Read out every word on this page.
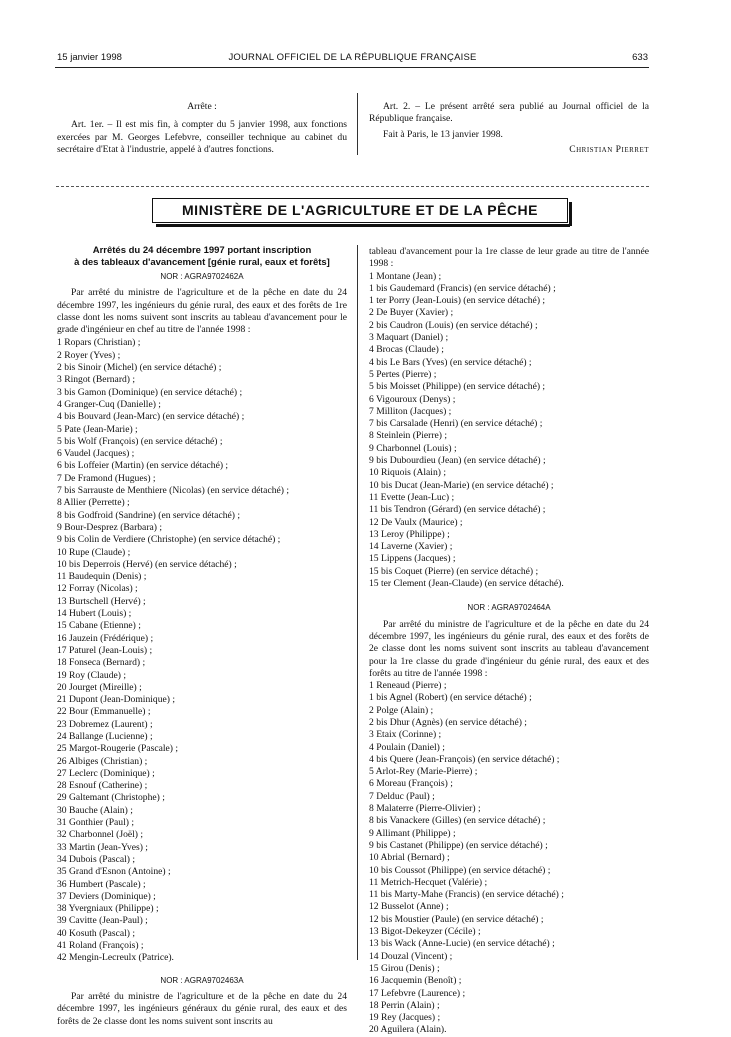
15 janvier 1998	JOURNAL OFFICIEL DE LA RÉPUBLIQUE FRANÇAISE	633
Arrête :

Art. 1er. – Il est mis fin, à compter du 5 janvier 1998, aux fonctions exercées par M. Georges Lefebvre, conseiller technique au cabinet du secrétaire d'Etat à l'industrie, appelé à d'autres fonctions.

Art. 2. – Le présent arrêté sera publié au Journal officiel de la République française.

Fait à Paris, le 13 janvier 1998.

Christian Pierret
MINISTÈRE DE L'AGRICULTURE ET DE LA PÊCHE
Arrêtés du 24 décembre 1997 portant inscription
à des tableaux d'avancement [génie rural, eaux et forêts]
NOR : AGRA9702462A

Par arrêté du ministre de l'agriculture et de la pêche en date du 24 décembre 1997, les ingénieurs du génie rural, des eaux et des forêts de 1re classe dont les noms suivent sont inscrits au tableau d'avancement pour le grade d'ingénieur en chef au titre de l'année 1998 :

1 Ropars (Christian) ;
2 Royer (Yves) ;
2 bis Sinoir (Michel) (en service détaché) ;
3 Ringot (Bernard) ;
3 bis Gamon (Dominique) (en service détaché) ;
4 Granger-Cuq (Danielle) ;
4 bis Bouvard (Jean-Marc) (en service détaché) ;
5 Pate (Jean-Marie) ;
5 bis Wolf (François) (en service détaché) ;
6 Vaudel (Jacques) ;
6 bis Loffeier (Martin) (en service détaché) ;
7 De Framond (Hugues) ;
7 bis Sarrauste de Menthiere (Nicolas) (en service détaché) ;
8 Allier (Perrette) ;
8 bis Godfroid (Sandrine) (en service détaché) ;
9 Bour-Desprez (Barbara) ;
9 bis Colin de Verdiere (Christophe) (en service détaché) ;
10 Rupe (Claude) ;
10 bis Deperrois (Hervé) (en service détaché) ;
11 Baudequin (Denis) ;
12 Forray (Nicolas) ;
13 Burtschell (Hervé) ;
14 Hubert (Louis) ;
15 Cabane (Etienne) ;
16 Jauzein (Frédérique) ;
17 Paturel (Jean-Louis) ;
18 Fonseca (Bernard) ;
19 Roy (Claude) ;
20 Jourget (Mireille) ;
21 Dupont (Jean-Dominique) ;
22 Bour (Emmanuelle) ;
23 Dobremez (Laurent) ;
24 Ballange (Lucienne) ;
25 Margot-Rougerie (Pascale) ;
26 Albiges (Christian) ;
27 Leclerc (Dominique) ;
28 Esnouf (Catherine) ;
29 Galtemant (Christophe) ;
30 Bauche (Alain) ;
31 Gonthier (Paul) ;
32 Charbonnel (Joël) ;
33 Martin (Jean-Yves) ;
34 Dubois (Pascal) ;
35 Grand d'Esnon (Antoine) ;
36 Humbert (Pascale) ;
37 Deviers (Dominique) ;
38 Yvergniaux (Philippe) ;
39 Cavitte (Jean-Paul) ;
40 Kosuth (Pascal) ;
41 Roland (François) ;
42 Mengin-Lecreulx (Patrice).
NOR : AGRA9702463A

Par arrêté du ministre de l'agriculture et de la pêche en date du 24 décembre 1997, les ingénieurs généraux du génie rural, des eaux et des forêts de 2e classe dont les noms suivent sont inscrits au

tableau d'avancement pour la 1re classe de leur grade au titre de l'année 1998 :

1 Montane (Jean) ;
1 bis Gaudemard (Francis) (en service détaché) ;
1 ter Porry (Jean-Louis) (en service détaché) ;
2 De Buyer (Xavier) ;
2 bis Caudron (Louis) (en service détaché) ;
3 Maquart (Daniel) ;
4 Brocas (Claude) ;
4 bis Le Bars (Yves) (en service détaché) ;
5 Pertes (Pierre) ;
5 bis Moisset (Philippe) (en service détaché) ;
6 Vigouroux (Denys) ;
7 Milliton (Jacques) ;
7 bis Carsalade (Henri) (en service détaché) ;
8 Steinlein (Pierre) ;
9 Charbonnel (Louis) ;
9 bis Dubourdieu (Jean) (en service détaché) ;
10 Riquois (Alain) ;
10 bis Ducat (Jean-Marie) (en service détaché) ;
11 Evette (Jean-Luc) ;
11 bis Tendron (Gérard) (en service détaché) ;
12 De Vaulx (Maurice) ;
13 Leroy (Philippe) ;
14 Laverne (Xavier) ;
15 Lippens (Jacques) ;
15 bis Coquet (Pierre) (en service détaché) ;
15 ter Clement (Jean-Claude) (en service détaché).
NOR : AGRA9702464A

Par arrêté du ministre de l'agriculture et de la pêche en date du 24 décembre 1997, les ingénieurs du génie rural, des eaux et des forêts de 2e classe dont les noms suivent sont inscrits au tableau d'avancement pour la 1re classe du grade d'ingénieur du génie rural, des eaux et des forêts au titre de l'année 1998 :

1 Reneaud (Pierre) ;
1 bis Agnel (Robert) (en service détaché) ;
2 Polge (Alain) ;
2 bis Dhur (Agnès) (en service détaché) ;
3 Etaix (Corinne) ;
4 Poulain (Daniel) ;
4 bis Quere (Jean-François) (en service détaché) ;
5 Arlot-Rey (Marie-Pierre) ;
6 Moreau (François) ;
7 Delduc (Paul) ;
8 Malaterre (Pierre-Olivier) ;
8 bis Vanackere (Gilles) (en service détaché) ;
9 Allimant (Philippe) ;
9 bis Castanet (Philippe) (en service détaché) ;
10 Abrial (Bernard) ;
10 bis Coussot (Philippe) (en service détaché) ;
11 Metrich-Hecquet (Valérie) ;
11 bis Marty-Mahe (Francis) (en service détaché) ;
12 Busselot (Anne) ;
12 bis Moustier (Paule) (en service détaché) ;
13 Bigot-Dekeyzer (Cécile) ;
13 bis Wack (Anne-Lucie) (en service détaché) ;
14 Douzal (Vincent) ;
15 Girou (Denis) ;
16 Jacquemin (Benoît) ;
17 Lefebvre (Laurence) ;
18 Perrin (Alain) ;
19 Rey (Jacques) ;
20 Aguilera (Alain).
